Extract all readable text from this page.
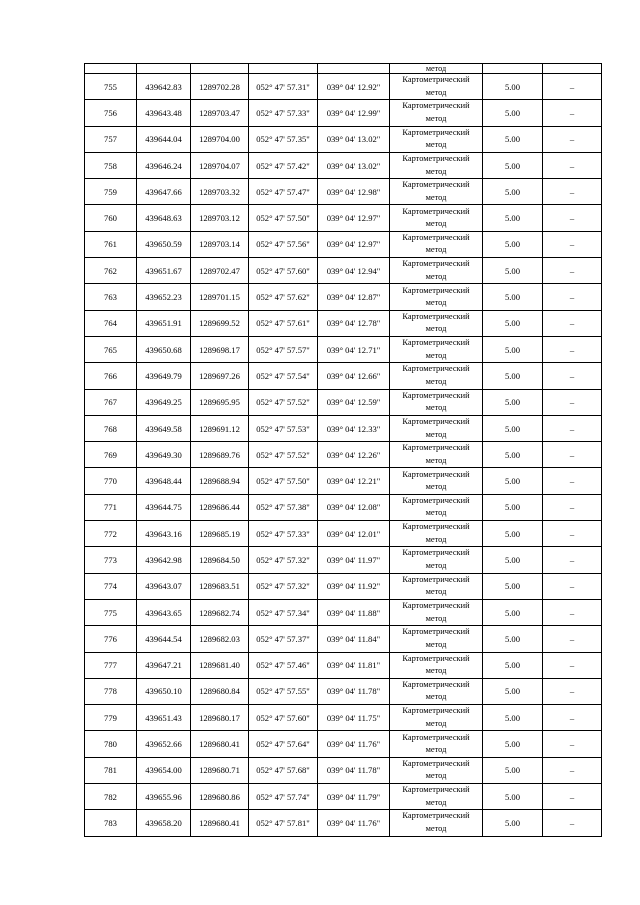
					метод		
755	439642.83	1289702.28	052° 47' 57.31"	039° 04' 12.92"	Картометрический
метод	5.00	–
756	439643.48	1289703.47	052° 47' 57.33"	039° 04' 12.99"	Картометрический
метод	5.00	–
757	439644.04	1289704.00	052° 47' 57.35"	039° 04' 13.02"	Картометрический
метод	5.00	–
758	439646.24	1289704.07	052° 47' 57.42"	039° 04' 13.02"	Картометрический
метод	5.00	–
759	439647.66	1289703.32	052° 47' 57.47"	039° 04' 12.98"	Картометрический
метод	5.00	–
760	439648.63	1289703.12	052° 47' 57.50"	039° 04' 12.97"	Картометрический
метод	5.00	–
761	439650.59	1289703.14	052° 47' 57.56"	039° 04' 12.97"	Картометрический
метод	5.00	–
762	439651.67	1289702.47	052° 47' 57.60"	039° 04' 12.94"	Картометрический
метод	5.00	–
763	439652.23	1289701.15	052° 47' 57.62"	039° 04' 12.87"	Картометрический
метод	5.00	–
764	439651.91	1289699.52	052° 47' 57.61"	039° 04' 12.78"	Картометрический
метод	5.00	–
765	439650.68	1289698.17	052° 47' 57.57"	039° 04' 12.71"	Картометрический
метод	5.00	–
766	439649.79	1289697.26	052° 47' 57.54"	039° 04' 12.66"	Картометрический
метод	5.00	–
767	439649.25	1289695.95	052° 47' 57.52"	039° 04' 12.59"	Картометрический
метод	5.00	–
768	439649.58	1289691.12	052° 47' 57.53"	039° 04' 12.33"	Картометрический
метод	5.00	–
769	439649.30	1289689.76	052° 47' 57.52"	039° 04' 12.26"	Картометрический
метод	5.00	–
770	439648.44	1289688.94	052° 47' 57.50"	039° 04' 12.21"	Картометрический
метод	5.00	–
771	439644.75	1289686.44	052° 47' 57.38"	039° 04' 12.08"	Картометрический
метод	5.00	–
772	439643.16	1289685.19	052° 47' 57.33"	039° 04' 12.01"	Картометрический
метод	5.00	–
773	439642.98	1289684.50	052° 47' 57.32"	039° 04' 11.97"	Картометрический
метод	5.00	–
774	439643.07	1289683.51	052° 47' 57.32"	039° 04' 11.92"	Картометрический
метод	5.00	–
775	439643.65	1289682.74	052° 47' 57.34"	039° 04' 11.88"	Картометрический
метод	5.00	–
776	439644.54	1289682.03	052° 47' 57.37"	039° 04' 11.84"	Картометрический
метод	5.00	–
777	439647.21	1289681.40	052° 47' 57.46"	039° 04' 11.81"	Картометрический
метод	5.00	–
778	439650.10	1289680.84	052° 47' 57.55"	039° 04' 11.78"	Картометрический
метод	5.00	–
779	439651.43	1289680.17	052° 47' 57.60"	039° 04' 11.75"	Картометрический
метод	5.00	–
780	439652.66	1289680.41	052° 47' 57.64"	039° 04' 11.76"	Картометрический
метод	5.00	–
781	439654.00	1289680.71	052° 47' 57.68"	039° 04' 11.78"	Картометрический
метод	5.00	–
782	439655.96	1289680.86	052° 47' 57.74"	039° 04' 11.79"	Картометрический
метод	5.00	–
783	439658.20	1289680.41	052° 47' 57.81"	039° 04' 11.76"	Картометрический
метод	5.00	–
